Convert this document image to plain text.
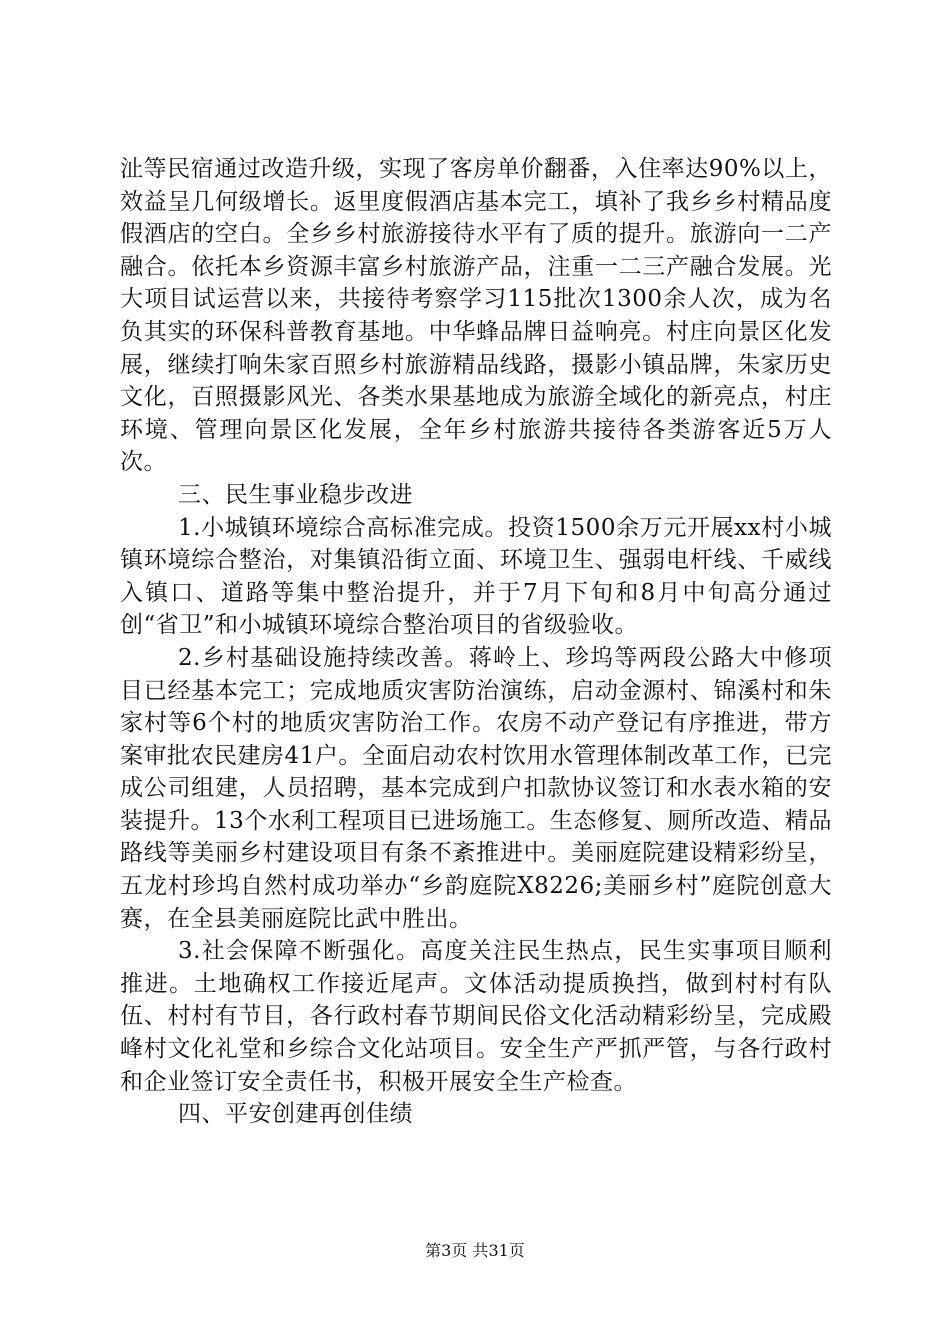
沚等民宿通过改造升级，实现了客房单价翻番，入住率达90%以上，效益呈几何级增长。返里度假酒店基本完工，填补了我乡乡村精品度假酒店的空白。全乡乡村旅游接待水平有了质的提升。旅游向一二产融合。依托本乡资源丰富乡村旅游产品，注重一二三产融合发展。光大项目试运营以来，共接待考察学习115批次1300余人次，成为名负其实的环保科普教育基地。中华蜂品牌日益响亮。村庄向景区化发展，继续打响朱家百照乡村旅游精品线路，摄影小镇品牌，朱家历史文化，百照摄影风光、各类水果基地成为旅游全域化的新亮点，村庄环境、管理向景区化发展，全年乡村旅游共接待各类游客近5万人次。

三、民生事业稳步改进

1.小城镇环境综合高标准完成。投资1500余万元开展xx村小城镇环境综合整治，对集镇沿街立面、环境卫生、强弱电杆线、千威线入镇口、道路等集中整治提升，并于7月下旬和8月中旬高分通过创“省卫”和小城镇环境综合整治项目的省级验收。

2.乡村基础设施持续改善。蒋岭上、珍坞等两段公路大中修项目已经基本完工；完成地质灾害防治演练，启动金源村、锦溪村和朱家村等6个村的地质灾害防治工作。农房不动产登记有序推进，带方案审批农民建房41户。全面启动农村饮用水管理体制改革工作，已完成公司组建，人员招聘，基本完成到户扣款协议签订和水表水箱的安装提升。13个水利工程项目已进场施工。生态修复、厕所改造、精品路线等美丽乡村建设项目有条不紊推进中。美丽庭院建设精彩纷呈，五龙村珍坞自然村成功举办“乡韵庭院X8226;美丽乡村”庭院创意大赛，在全县美丽庭院比武中胜出。

3.社会保障不断强化。高度关注民生热点，民生实事项目顺利推进。土地确权工作接近尾声。文体活动提质换挡，做到村村有队伍、村村有节目，各行政村春节期间民俗文化活动精彩纷呈，完成殿峰村文化礼堂和乡综合文化站项目。安全生产严抓严管，与各行政村和企业签订安全责任书，积极开展安全生产检查。

四、平安创建再创佳绩

第3页 共31页
